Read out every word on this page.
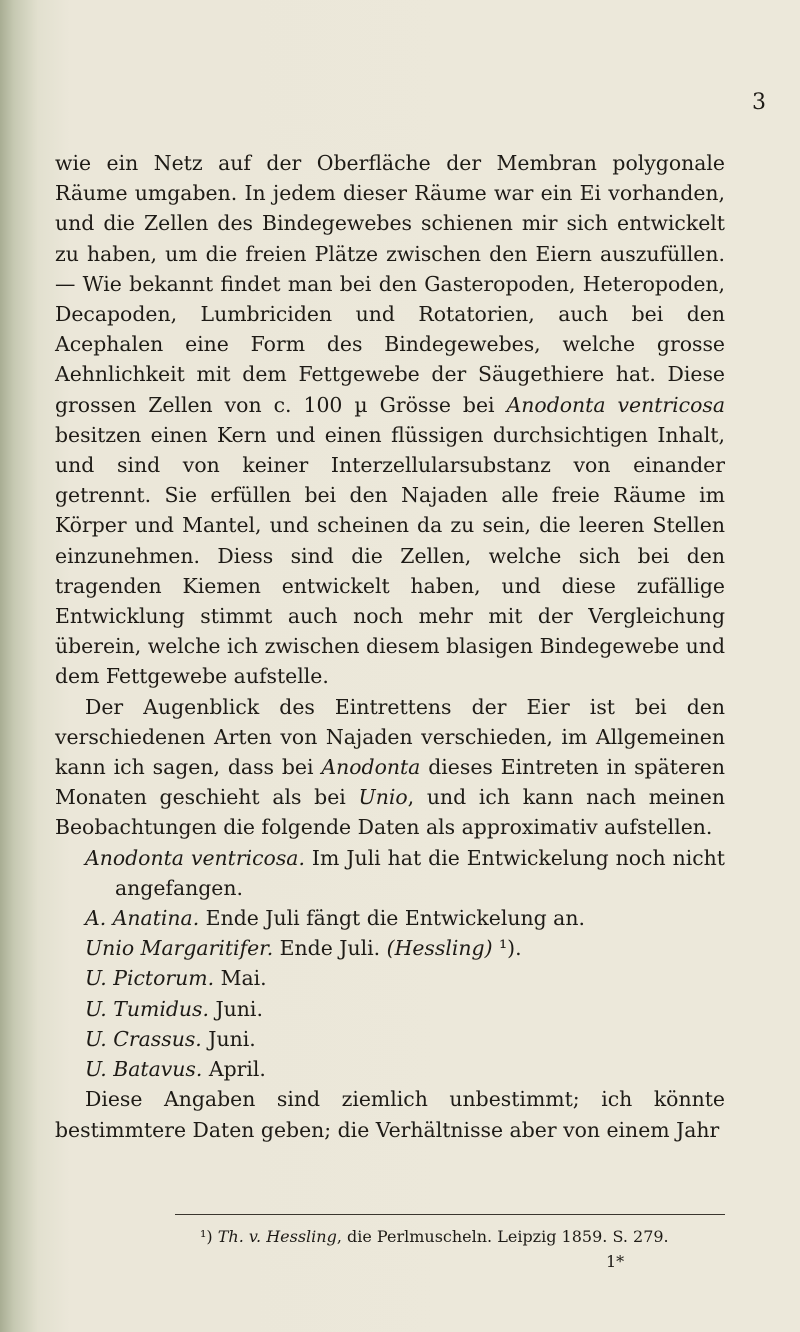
3

wie ein Netz auf der Oberfläche der Membran polygonale Räume umgaben. In jedem dieser Räume war ein Ei vorhanden, und die Zellen des Bindegewebes schienen mir sich entwickelt zu haben, um die freien Plätze zwischen den Eiern auszufüllen. — Wie bekannt findet man bei den Gasteropoden, Heteropoden, Decapoden, Lumbriciden und Rotatorien, auch bei den Acephalen eine Form des Bindegewebes, welche grosse Aehnlichkeit mit dem Fettgewebe der Säugethiere hat. Diese grossen Zellen von c. 100 µ Grösse bei Anodonta ventricosa besitzen einen Kern und einen flüssigen durchsichtigen Inhalt, und sind von keiner Interzellularsubstanz von einander getrennt. Sie erfüllen bei den Najaden alle freie Räume im Körper und Mantel, und scheinen da zu sein, die leeren Stellen einzunehmen. Diess sind die Zellen, welche sich bei den tragenden Kiemen entwickelt haben, und diese zufällige Entwicklung stimmt auch noch mehr mit der Vergleichung überein, welche ich zwischen diesem blasigen Bindegewebe und dem Fettgewebe aufstelle.

Der Augenblick des Eintrettens der Eier ist bei den verschiedenen Arten von Najaden verschieden, im Allgemeinen kann ich sagen, dass bei Anodonta dieses Eintreten in späteren Monaten geschieht als bei Unio, und ich kann nach meinen Beobachtungen die folgende Daten als approximativ aufstellen.

Anodonta ventricosa. Im Juli hat die Entwickelung noch nicht angefangen.
A. Anatina. Ende Juli fängt die Entwickelung an.
Unio Margaritifer. Ende Juli. (Hessling) ¹).
U. Pictorum. Mai.
U. Tumidus. Juni.
U. Crassus. Juni.
U. Batavus. April.

Diese Angaben sind ziemlich unbestimmt; ich könnte bestimmtere Daten geben; die Verhältnisse aber von einem Jahr

¹) Th. v. Hessling, die Perlmuscheln. Leipzig 1859. S. 279.
1*
